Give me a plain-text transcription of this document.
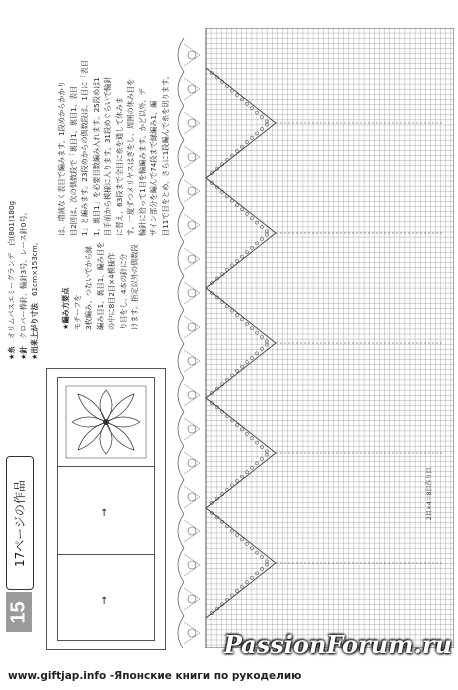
★糸　オリムパスエミーグランデ　白(801)180g

★針　クロバー棒針、輪針3号、レース針0号。 ★出来上がり寸法　61cm×153cm。

★編み方要点 モチーフを 3枚編み、つないでから縁 編み目1、裏目1、編み目を の中に8目2目×4模様作 り目をし、4本の針に分 けます。指定以外の偶数段

は、増減なく表目で編みます。1段めからかかり 目2回は、次の偶数段で「裏目1、裏目1、表目 1」と編みます。23段めからの偶数段は、1目に「表目 1、裏目1」を必要目数編み入れます。25段めは1 目手前から模様に入ります。31段めぐらいで輪針 に替え、63段まで全目に糸を通して休みま す。一度ずつメリヤスはぎをし、周囲の休み目を 輪針に拾って1目を輪編みます。かど以外、デ ザイン部分を編んで74段まで縁編み1、編 目11で目をとめ、さらに1段編んで糸を切ります。

↑
↑
17ページの作品
15
2目×4＝8目作り目
PassionForum.ru
www.giftjap.info -Японские книги по рукоделию
